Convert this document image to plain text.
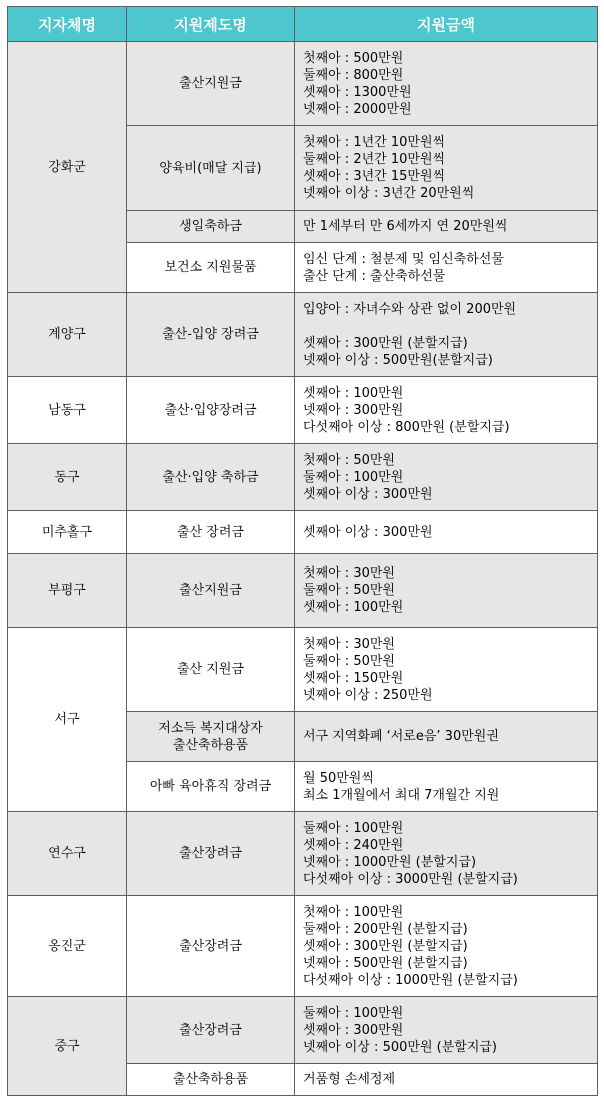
지자체명	지원제도명	지원금액
강화군	출산지원금	첫째아 : 500만원
둘째아 : 800만원
셋째아 : 1300만원
넷째아 : 2000만원

	양육비(매달 지급)	첫째아 : 1년간 10만원씩
둘째아 : 2년간 10만원씩
셋째아 : 3년간 15만원씩
넷째아 이상 : 3년간 20만원씩

	생일축하금	만 1세부터 만 6세까지 연 20만원씩

	보건소 지원물품	임신 단계 : 철분제 및 임신축하선물
출산 단계 : 출산축하선물

계양구	출산-입양 장려금	입양아 : 자녀수와 상관 없이 200만원
셋째아 : 300만원 (분할지급)
넷째아 이상 : 500만원(분할지급)

남동구	출산·입양장려금	셋째아 : 100만원
넷째아 : 300만원
다섯째아 이상 : 800만원 (분할지급)

동구	출산·입양 축하금	첫째아 : 50만원
둘째아 : 100만원
셋째아 이상 : 300만원

미추홀구	출산 장려금	셋째아 이상 : 300만원

부평구	출산지원금	첫째아 : 30만원
둘째아 : 50만원
셋째아 : 100만원

서구	출산 지원금	첫째아 : 30만원
둘째아 : 50만원
셋째아 : 150만원
넷째아 이상 : 250만원

	저소득 복지대상자
출산축하용품	서구 지역화폐 ‘서로e음’ 30만원권

	아빠 육아휴직 장려금	월 50만원씩
최소 1개월에서 최대 7개월간 지원

연수구	출산장려금	둘째아 : 100만원
셋째아 : 240만원
넷째아 : 1000만원 (분할지급)
다섯째아 이상 : 3000만원 (분할지급)

옹진군	출산장려금	첫째아 : 100만원
둘째아 : 200만원 (분할지급)
셋째아 : 300만원 (분할지급)
넷째아 : 500만원 (분할지급)
다섯째아 이상 : 1000만원 (분할지급)

중구	출산장려금	둘째아 : 100만원
셋째아 : 300만원
넷째아 이상 : 500만원 (분할지급)

	출산축하용품	거품형 손세정제
